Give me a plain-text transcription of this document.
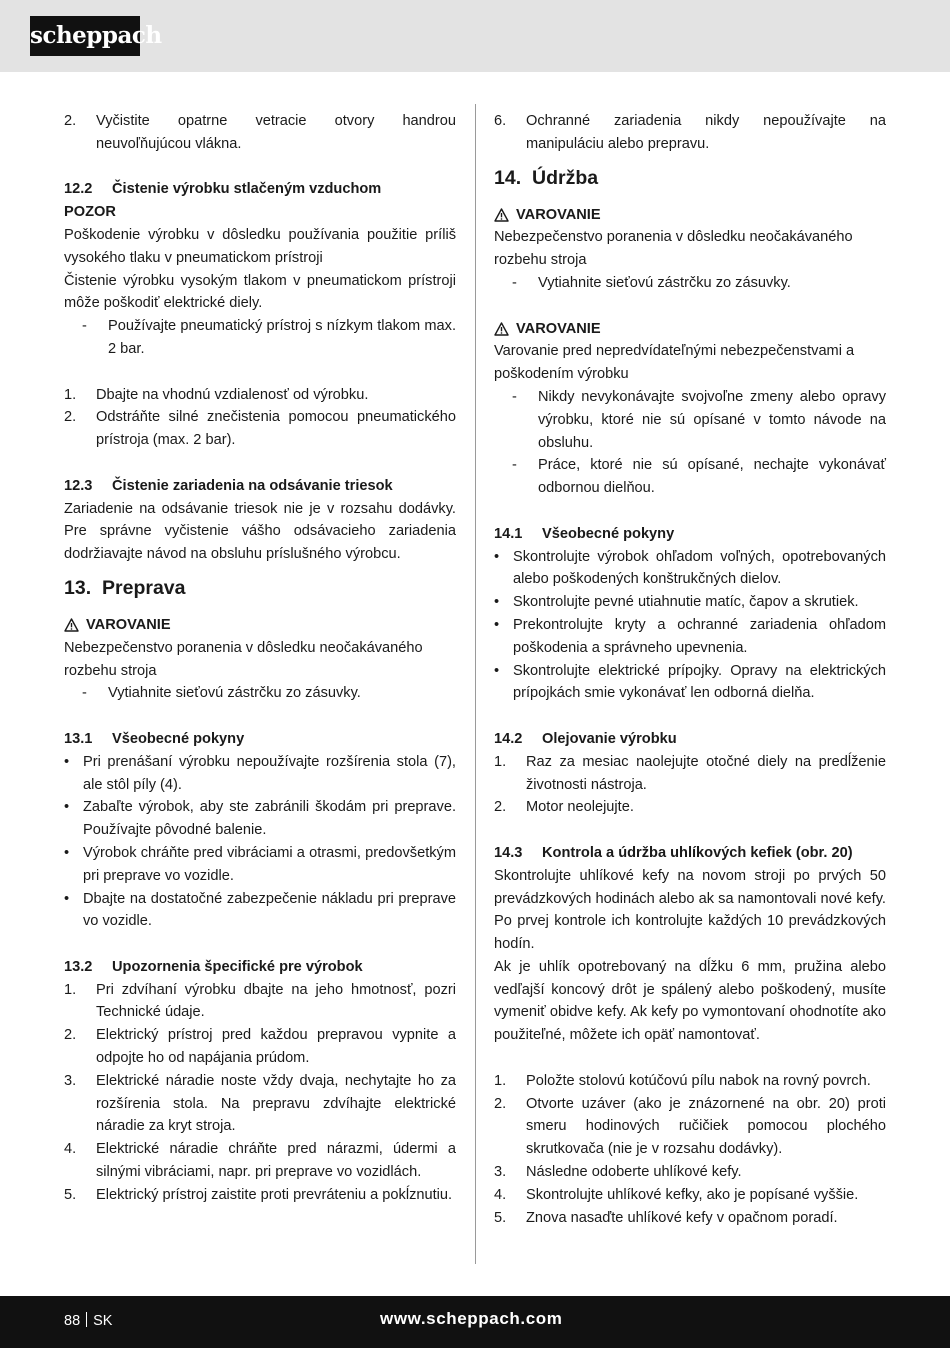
scheppach
2.	Vyčistite opatrne vetracie otvory handrou neuvoľňujúcou vlákna.
12.2 Čistenie výrobku stlačeným vzduchom

POZOR

Poškodenie výrobku v dôsledku používania použitie príliš vysokého tlaku v pneumatickom prístroji

Čistenie výrobku vysokým tlakom v pneumatickom prístroji môže poškodiť elektrické diely.

-	Používajte pneumatický prístroj s nízkym tlakom max. 2 bar.
1.	Dbajte na vhodnú vzdialenosť od výrobku.
2.	Odstráňte silné znečistenia pomocou pneumatického prístroja (max. 2 bar).
12.3 Čistenie zariadenia na odsávanie triesok

Zariadenie na odsávanie triesok nie je v rozsahu dodávky. Pre správne vyčistenie vášho odsávacieho zariadenia dodržiavajte návod na obsluhu príslušného výrobcu.

13. Preprava
VAROVANIE

Nebezpečenstvo poranenia v dôsledku neočakávaného rozbehu stroja

-	Vytiahnite sieťovú zástrčku zo zásuvky.
13.1 Všeobecné pokyny
• Pri prenášaní výrobku nepoužívajte rozšírenia stola (7), ale stôl píly (4).
• Zabaľte výrobok, aby ste zabránili škodám pri preprave. Používajte pôvodné balenie.
• Výrobok chráňte pred vibráciami a otrasmi, predovšetkým pri preprave vo vozidle.
• Dbajte na dostatočné zabezpečenie nákladu pri preprave vo vozidle.
13.2 Upozornenia špecifické pre výrobok
1.	Pri zdvíhaní výrobku dbajte na jeho hmotnosť, pozri Technické údaje.
2.	Elektrický prístroj pred každou prepravou vypnite a odpojte ho od napájania prúdom.
3.	Elektrické náradie noste vždy dvaja, nechytajte ho za rozšírenia stola. Na prepravu zdvíhajte elektrické náradie za kryt stroja.
4.	Elektrické náradie chráňte pred nárazmi, údermi a silnými vibráciami, napr. pri preprave vo vozidlách.
5.	Elektrický prístroj zaistite proti prevráteniu a pokĺznutiu.
6.	Ochranné zariadenia nikdy nepoužívajte na manipuláciu alebo prepravu.
14. Údržba
VAROVANIE

Nebezpečenstvo poranenia v dôsledku neočakávaného rozbehu stroja

-	Vytiahnite sieťovú zástrčku zo zásuvky.
VAROVANIE

Varovanie pred nepredvídateľnými nebezpečenstvami a poškodením výrobku

-	Nikdy nevykonávajte svojvoľne zmeny alebo opravy výrobku, ktoré nie sú opísané v tomto návode na obsluhu.
-	Práce, ktoré nie sú opísané, nechajte vykonávať odbornou dielňou.
14.1 Všeobecné pokyny
• Skontrolujte výrobok ohľadom voľných, opotrebovaných alebo poškodených konštrukčných dielov.
• Skontrolujte pevné utiahnutie matíc, čapov a skrutiek.
• Prekontrolujte kryty a ochranné zariadenia ohľadom poškodenia a správneho upevnenia.
• Skontrolujte elektrické prípojky. Opravy na elektrických prípojkách smie vykonávať len odborná dielňa.
14.2 Olejovanie výrobku
1.	Raz za mesiac naolejujte otočné diely na predĺženie životnosti nástroja.
2.	Motor neolejujte.
14.3 Kontrola a údržba uhlíkových kefiek (obr. 20)

Skontrolujte uhlíkové kefy na novom stroji po prvých 50 prevádzkových hodinách alebo ak sa namontovali nové kefy. Po prvej kontrole ich kontrolujte každých 10 prevádzkových hodín.

Ak je uhlík opotrebovaný na dĺžku 6 mm, pružina alebo vedľajší koncový drôt je spálený alebo poškodený, musíte vymeniť obidve kefy. Ak kefy po vymontovaní ohodnotíte ako použiteľné, môžete ich opäť namontovať.

1.	Položte stolovú kotúčovú pílu nabok na rovný povrch.
2.	Otvorte uzáver (ako je znázornené na obr. 20) proti smeru hodinových ručičiek pomocou plochého skrutkovača (nie je v rozsahu dodávky).
3.	Následne odoberte uhlíkové kefy.
4.	Skontrolujte uhlíkové kefky, ako je popísané vyššie.
5.	Znova nasaďte uhlíkové kefy v opačnom poradí.
88 SK	www.scheppach.com
